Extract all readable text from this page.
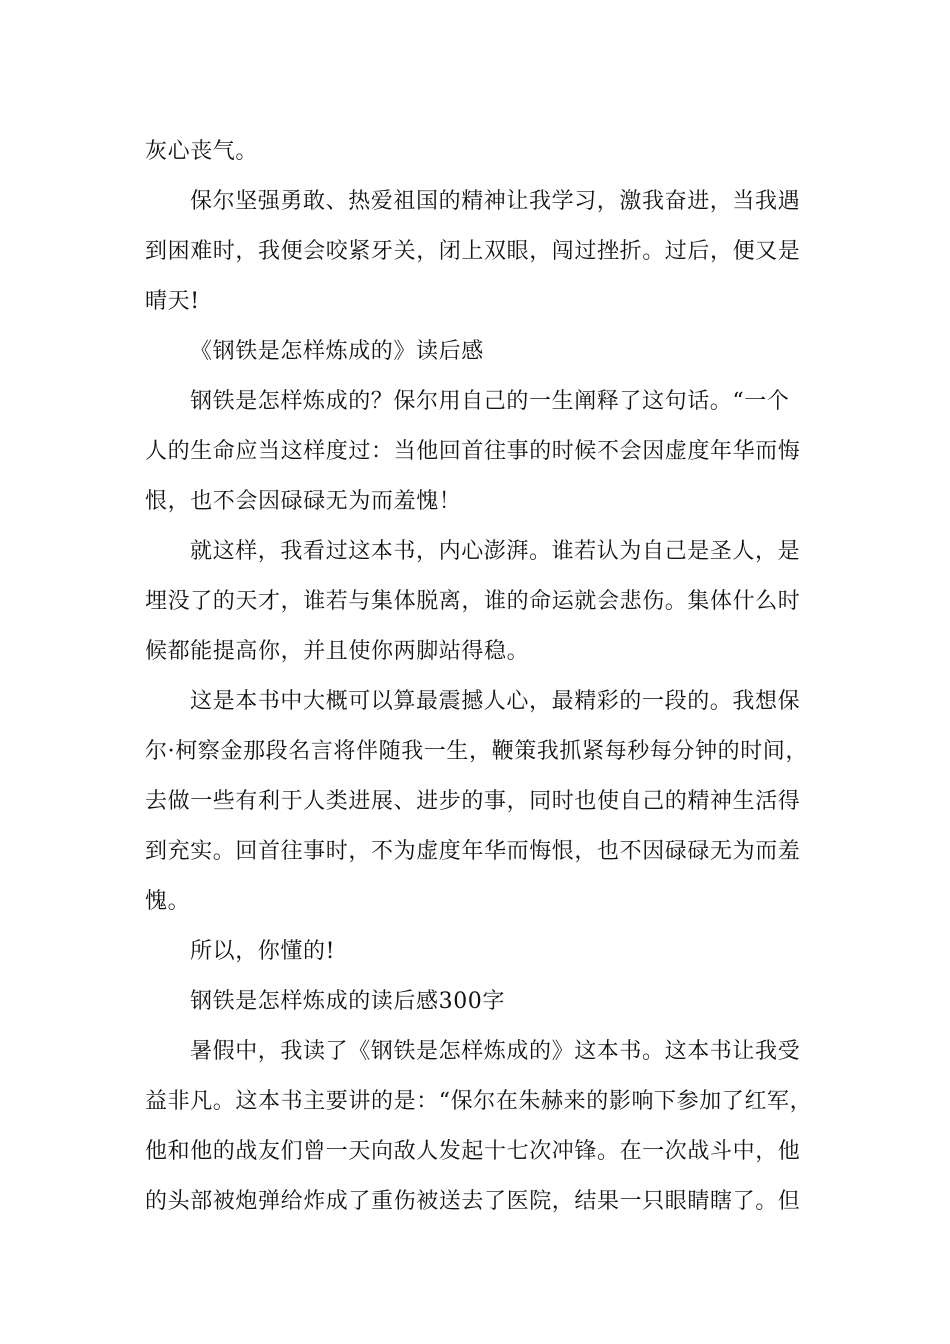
灰心丧气。
保尔坚强勇敢、热爱祖国的精神让我学习，激我奋进，当我遇
到困难时，我便会咬紧牙关，闭上双眼，闯过挫折。过后，便又是
晴天!
《钢铁是怎样炼成的》读后感
钢铁是怎样炼成的？保尔用自己的一生阐释了这句话。“一个
人的生命应当这样度过：当他回首往事的时候不会因虚度年华而悔
恨，也不会因碌碌无为而羞愧！
就这样，我看过这本书，内心澎湃。谁若认为自己是圣人，是
埋没了的天才，谁若与集体脱离，谁的命运就会悲伤。集体什么时
候都能提高你，并且使你两脚站得稳。
这是本书中大概可以算最震撼人心，最精彩的一段的。我想保
尔·柯察金那段名言将伴随我一生，鞭策我抓紧每秒每分钟的时间，
去做一些有利于人类进展、进步的事，同时也使自己的精神生活得
到充实。回首往事时，不为虚度年华而悔恨，也不因碌碌无为而羞
愧。
所以，你懂的!
钢铁是怎样炼成的读后感300字
暑假中，我读了《钢铁是怎样炼成的》这本书。这本书让我受
益非凡。这本书主要讲的是：“保尔在朱赫来的影响下参加了红军，
他和他的战友们曾一天向敌人发起十七次冲锋。在一次战斗中，他
的头部被炮弹给炸成了重伤被送去了医院，结果一只眼睛瞎了。但
